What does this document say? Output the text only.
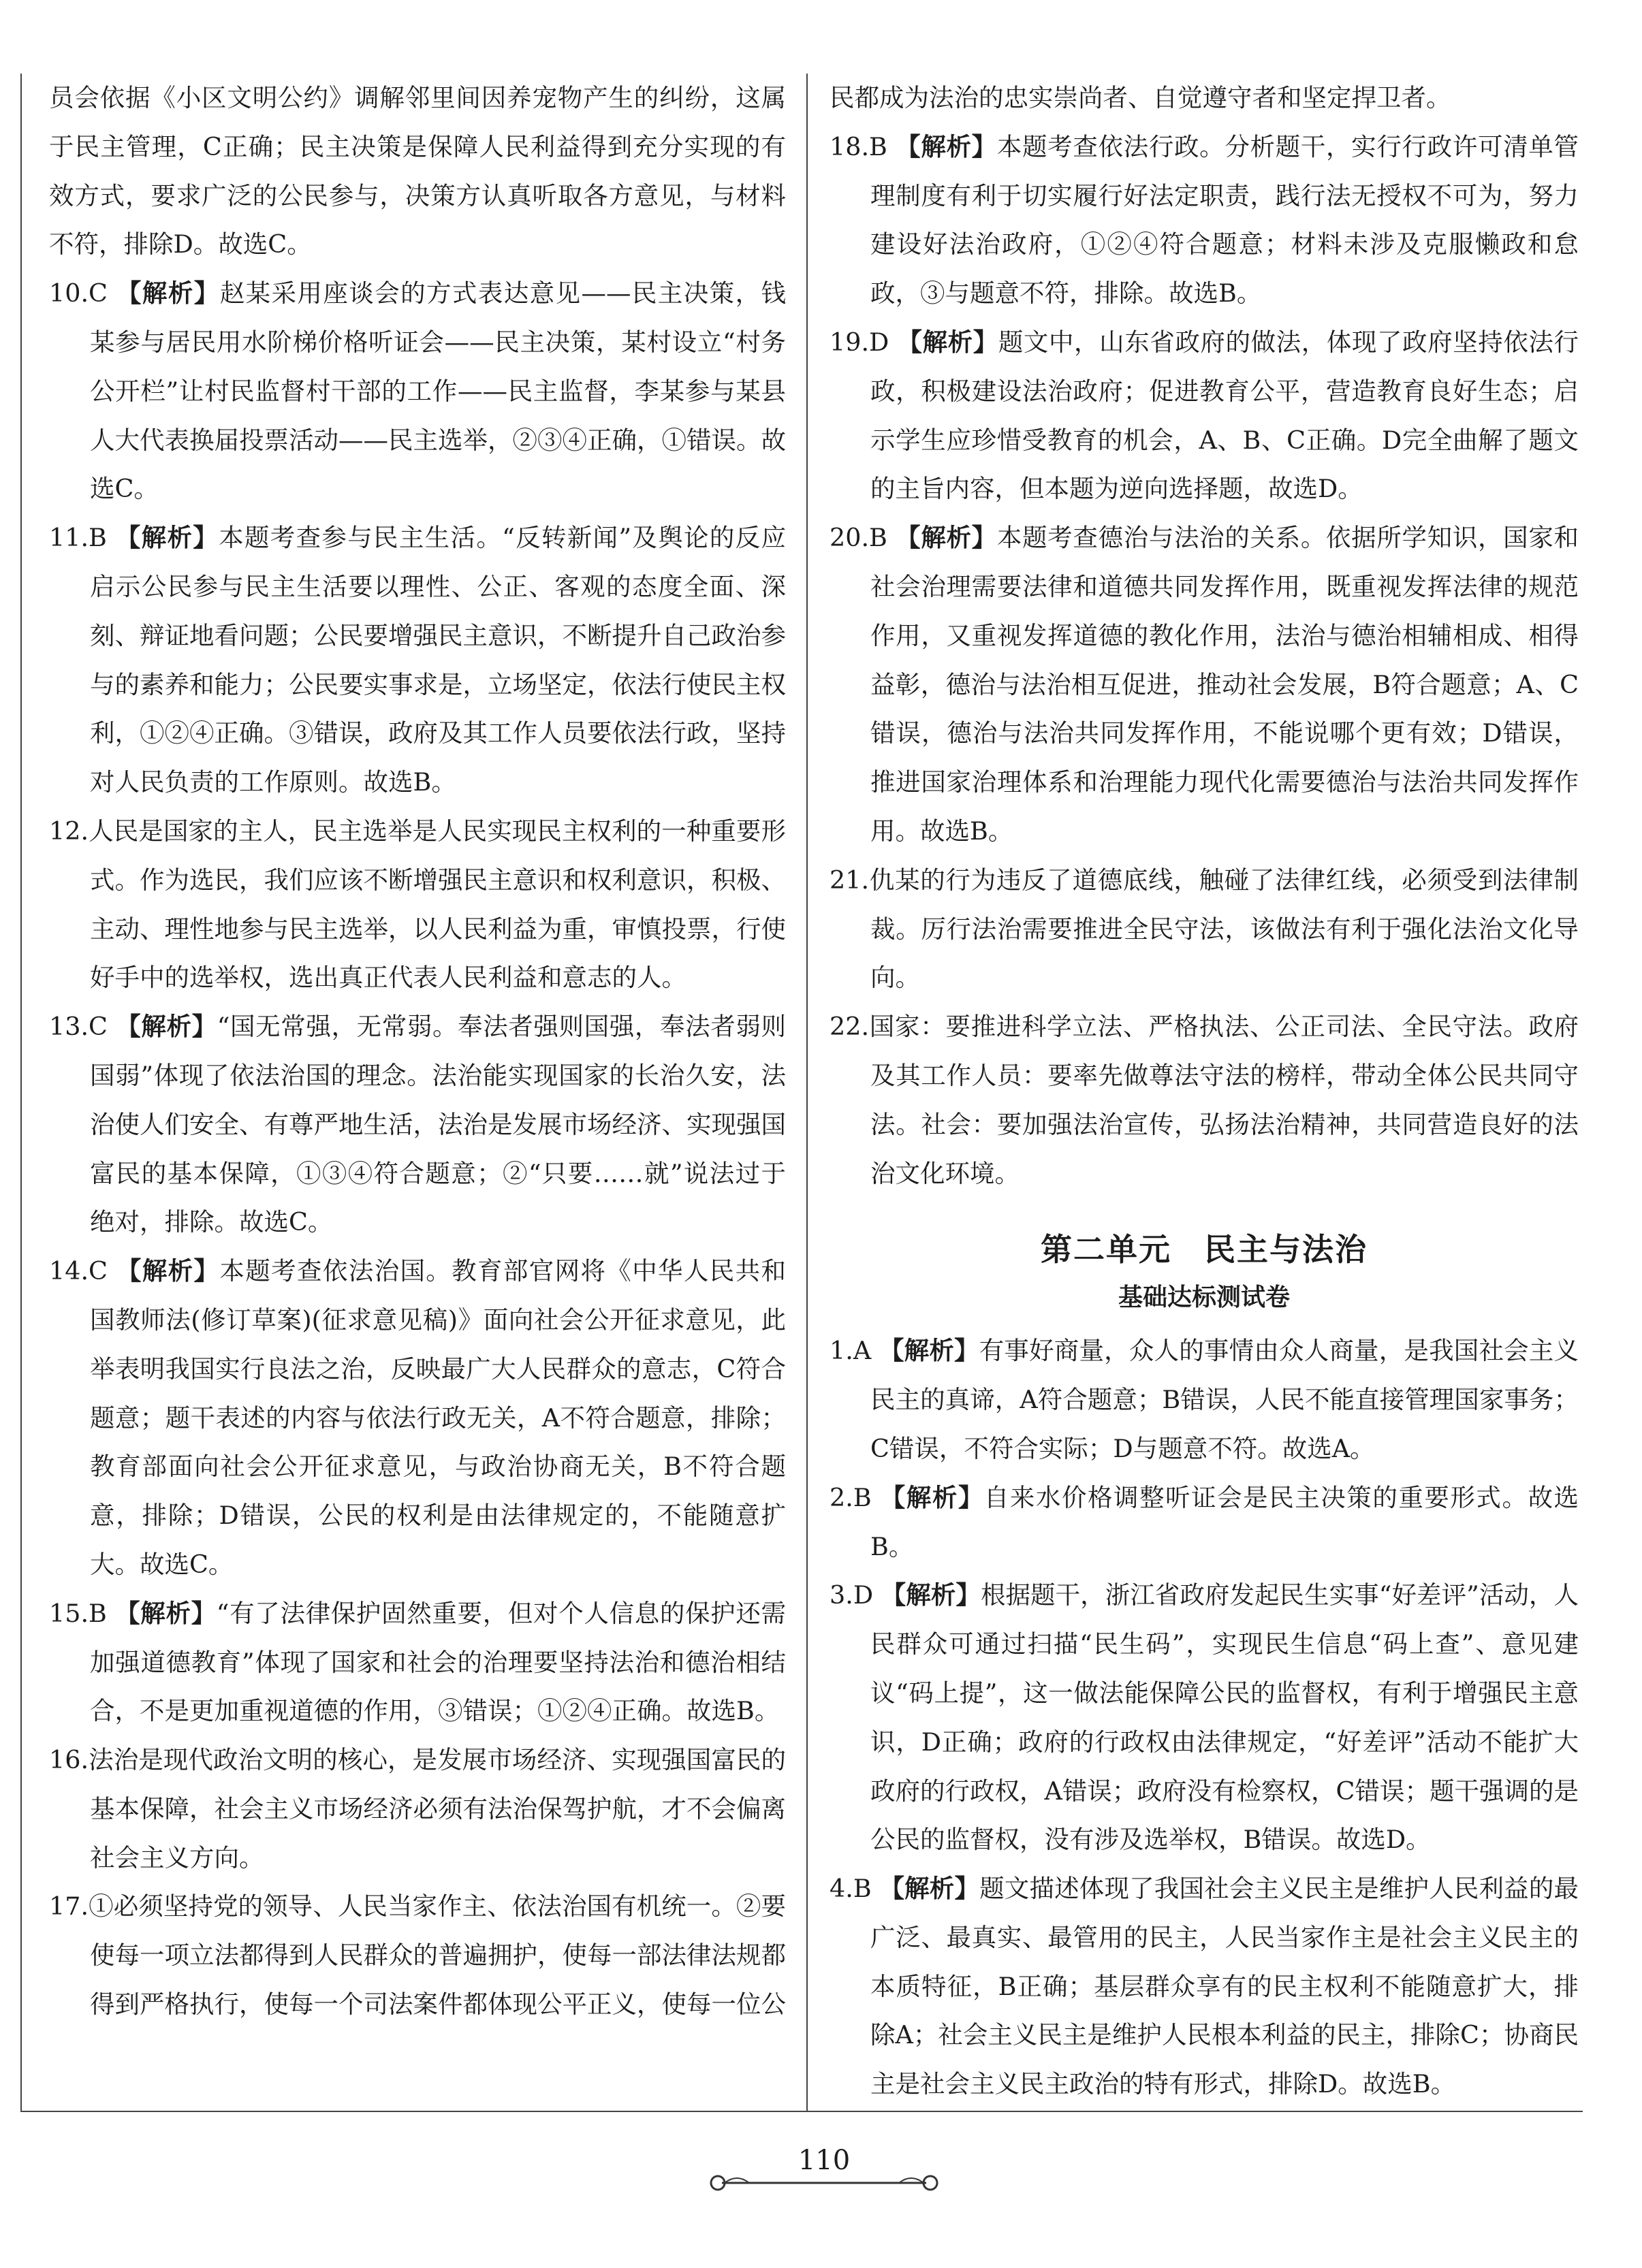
员会依据《小区文明公约》调解邻里间因养宠物产生的纠纷，这属于民主管理，C正确；民主决策是保障人民利益得到充分实现的有效方式，要求广泛的公民参与，决策方认真听取各方意见，与材料不符，排除D。故选C。

10.C 【解析】赵某采用座谈会的方式表达意见——民主决策，钱某参与居民用水阶梯价格听证会——民主决策，某村设立“村务公开栏”让村民监督村干部的工作——民主监督，李某参与某县人大代表换届投票活动——民主选举，②③④正确，①错误。故选C。

11.B 【解析】本题考查参与民主生活。“反转新闻”及舆论的反应启示公民参与民主生活要以理性、公正、客观的态度全面、深刻、辩证地看问题；公民要增强民主意识，不断提升自己政治参与的素养和能力；公民要实事求是，立场坚定，依法行使民主权利，①②④正确。③错误，政府及其工作人员要依法行政，坚持对人民负责的工作原则。故选B。

12.人民是国家的主人，民主选举是人民实现民主权利的一种重要形式。作为选民，我们应该不断增强民主意识和权利意识，积极、主动、理性地参与民主选举，以人民利益为重，审慎投票，行使好手中的选举权，选出真正代表人民利益和意志的人。

13.C 【解析】“国无常强，无常弱。奉法者强则国强，奉法者弱则国弱”体现了依法治国的理念。法治能实现国家的长治久安，法治使人们安全、有尊严地生活，法治是发展市场经济、实现强国富民的基本保障，①③④符合题意；②“只要……就”说法过于绝对，排除。故选C。

14.C 【解析】本题考查依法治国。教育部官网将《中华人民共和国教师法(修订草案)(征求意见稿)》面向社会公开征求意见，此举表明我国实行良法之治，反映最广大人民群众的意志，C符合题意；题干表述的内容与依法行政无关，A不符合题意，排除；教育部面向社会公开征求意见，与政治协商无关，B不符合题意，排除；D错误，公民的权利是由法律规定的，不能随意扩大。故选C。

15.B 【解析】“有了法律保护固然重要，但对个人信息的保护还需加强道德教育”体现了国家和社会的治理要坚持法治和德治相结合，不是更加重视道德的作用，③错误；①②④正确。故选B。

16.法治是现代政治文明的核心，是发展市场经济、实现强国富民的基本保障，社会主义市场经济必须有法治保驾护航，才不会偏离社会主义方向。

17.①必须坚持党的领导、人民当家作主、依法治国有机统一。②要使每一项立法都得到人民群众的普遍拥护，使每一部法律法规都得到严格执行，使每一个司法案件都体现公平正义，使每一位公

民都成为法治的忠实崇尚者、自觉遵守者和坚定捍卫者。

18.B 【解析】本题考查依法行政。分析题干，实行行政许可清单管理制度有利于切实履行好法定职责，践行法无授权不可为，努力建设好法治政府，①②④符合题意；材料未涉及克服懒政和怠政，③与题意不符，排除。故选B。

19.D 【解析】题文中，山东省政府的做法，体现了政府坚持依法行政，积极建设法治政府；促进教育公平，营造教育良好生态；启示学生应珍惜受教育的机会，A、B、C正确。D完全曲解了题文的主旨内容，但本题为逆向选择题，故选D。

20.B 【解析】本题考查德治与法治的关系。依据所学知识，国家和社会治理需要法律和道德共同发挥作用，既重视发挥法律的规范作用，又重视发挥道德的教化作用，法治与德治相辅相成、相得益彰，德治与法治相互促进，推动社会发展，B符合题意；A、C错误，德治与法治共同发挥作用，不能说哪个更有效；D错误，推进国家治理体系和治理能力现代化需要德治与法治共同发挥作用。故选B。

21.仇某的行为违反了道德底线，触碰了法律红线，必须受到法律制裁。厉行法治需要推进全民守法，该做法有利于强化法治文化导向。

22.国家：要推进科学立法、严格执法、公正司法、全民守法。政府及其工作人员：要率先做尊法守法的榜样，带动全体公民共同守法。社会：要加强法治宣传，弘扬法治精神，共同营造良好的法治文化环境。

第二单元 民主与法治
基础达标测试卷

1.A 【解析】有事好商量，众人的事情由众人商量，是我国社会主义民主的真谛，A符合题意；B错误，人民不能直接管理国家事务；C错误，不符合实际；D与题意不符。故选A。

2.B 【解析】自来水价格调整听证会是民主决策的重要形式。故选B。

3.D 【解析】根据题干，浙江省政府发起民生实事“好差评”活动，人民群众可通过扫描“民生码”，实现民生信息“码上查”、意见建议“码上提”，这一做法能保障公民的监督权，有利于增强民主意识，D正确；政府的行政权由法律规定，“好差评”活动不能扩大政府的行政权，A错误；政府没有检察权，C错误；题干强调的是公民的监督权，没有涉及选举权，B错误。故选D。

4.B 【解析】题文描述体现了我国社会主义民主是维护人民利益的最广泛、最真实、最管用的民主，人民当家作主是社会主义民主的本质特征，B正确；基层群众享有的民主权利不能随意扩大，排除A；社会主义民主是维护人民根本利益的民主，排除C；协商民主是社会主义民主政治的特有形式，排除D。故选B。

110
